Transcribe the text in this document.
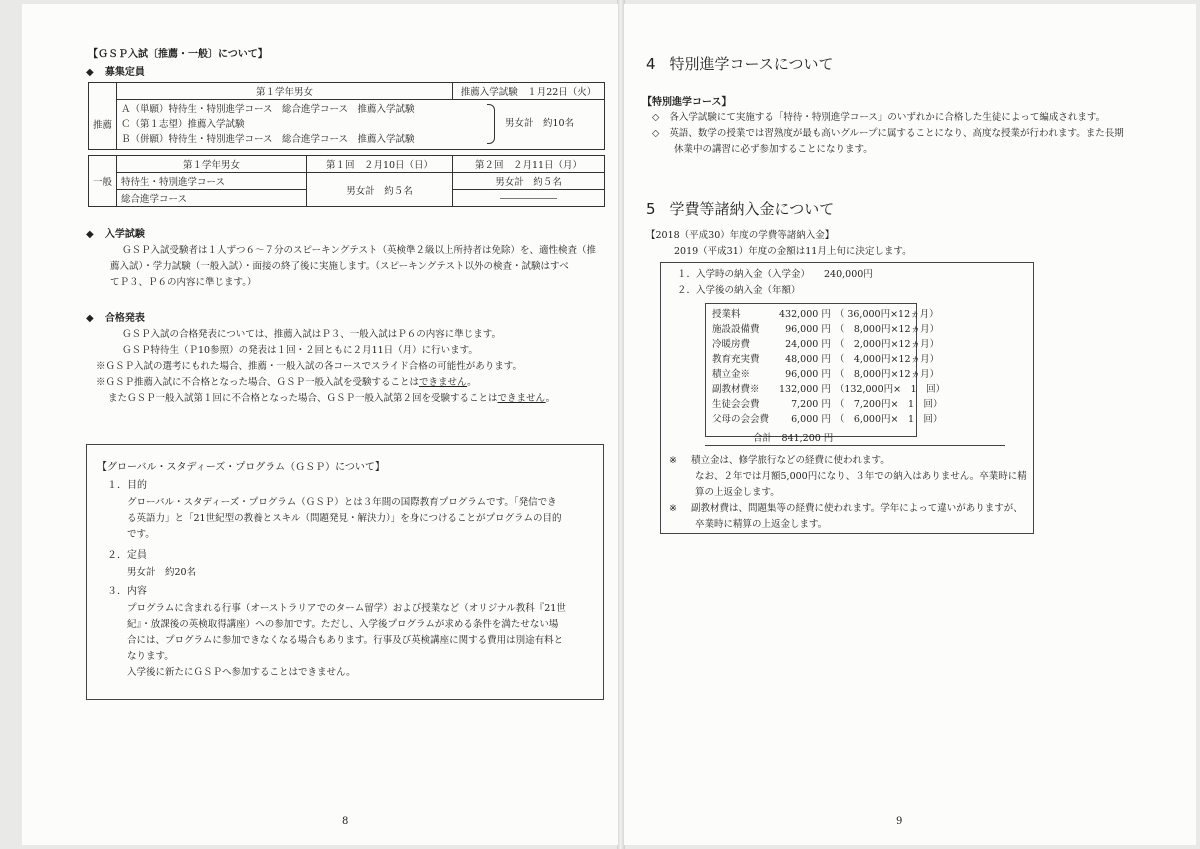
【ＧＳＰ入試〔推薦・一般〕について】
◆ 募集定員
	第１学年男女	推薦入学試験　１月22日（火）
推薦	Ａ（単願）特待生・特別進学コース　総合進学コース　推薦入学試験
Ｃ（第１志望）推薦入学試験
Ｂ（併願）特待生・特別進学コース　総合進学コース　推薦入学試験
男女計　約10名	
一般	第１学年男女	第１回　２月10日（日）	第２回　２月11日（月）
	特待生・特別進学コース	男女計　約５名	男女計　約５名
	総合進学コース		――――――
◆ 入学試験
ＧＳＰ入試受験者は１人ずつ６～７分のスピーキングテスト（英検準２級以上所持者は免除）を、適性検査（推
薦入試）・学力試験（一般入試）・面接の終了後に実施します。（スピーキングテスト以外の検査・試験はすべ
てＰ３、Ｐ６の内容に準じます。）
◆ 合格発表
ＧＳＰ入試の合格発表については、推薦入試はＰ３、一般入試はＰ６の内容に準じます。
ＧＳＰ特待生（Ｐ10参照）の発表は１回・２回ともに２月11日（月）に行います。
※ＧＳＰ入試の選考にもれた場合、推薦・一般入試の各コースでスライド合格の可能性があります。
※ＧＳＰ推薦入試に不合格となった場合、ＧＳＰ一般入試を受験することはできません。
またＧＳＰ一般入試第１回に不合格となった場合、ＧＳＰ一般入試第２回を受験することはできません。
【グローバル・スタディーズ・プログラム（ＧＳＰ）について】
１．目的
グローバル・スタディーズ・プログラム（ＧＳＰ）とは３年間の国際教育プログラムです。「発信でき
る英語力」と「21世紀型の教養とスキル（問題発見・解決力）」を身につけることがプログラムの目的
です。
２．定員
男女計　約20名
３．内容
プログラムに含まれる行事（オーストラリアでのターム留学）および授業など（オリジナル教科『21世
紀』・放課後の英検取得講座）への参加です。ただし、入学後プログラムが求める条件を満たせない場
合には、プログラムに参加できなくなる場合もあります。行事及び英検講座に関する費用は別途有料と
なります。
入学後に新たにＧＳＰへ参加することはできません。
8
4 特別進学コースについて
【特別進学コース】
◇ 各入学試験にて実施する「特待・特別進学コース」のいずれかに合格した生徒によって編成されます。
◇ 英語、数学の授業では習熟度が最も高いグループに属することになり、高度な授業が行われます。また長期
休業中の講習に必ず参加することになります。
5 学費等諸納入金について
【2018（平成30）年度の学費等諸納入金】
2019（平成31）年度の金額は11月上旬に決定します。
１．入学時の納入金（入学金） 240,000円
２．入学後の納入金（年額）
授業料	432,000 円	（ 36,000円×12ヵ月）
施設設備費	96,000 円	（　8,000円×12ヵ月）
冷暖房費	24,000 円	（　2,000円×12ヵ月）
教育充実費	48,000 円	（　4,000円×12ヵ月）
積立金※	96,000 円	（　8,000円×12ヵ月）
副教材費※	132,000 円	（132,000円×　1　回）
生徒会会費	7,200 円	（　7,200円×　1　回）
父母の会会費	6,000 円	（　6,000円×　1　回）
合計　841,200 円
※ 積立金は、修学旅行などの経費に使われます。
なお、２年では月額5,000円になり、３年での納入はありません。卒業時に精
算の上返金します。
※ 副教材費は、問題集等の経費に使われます。学年によって違いがありますが、
卒業時に精算の上返金します。
9
